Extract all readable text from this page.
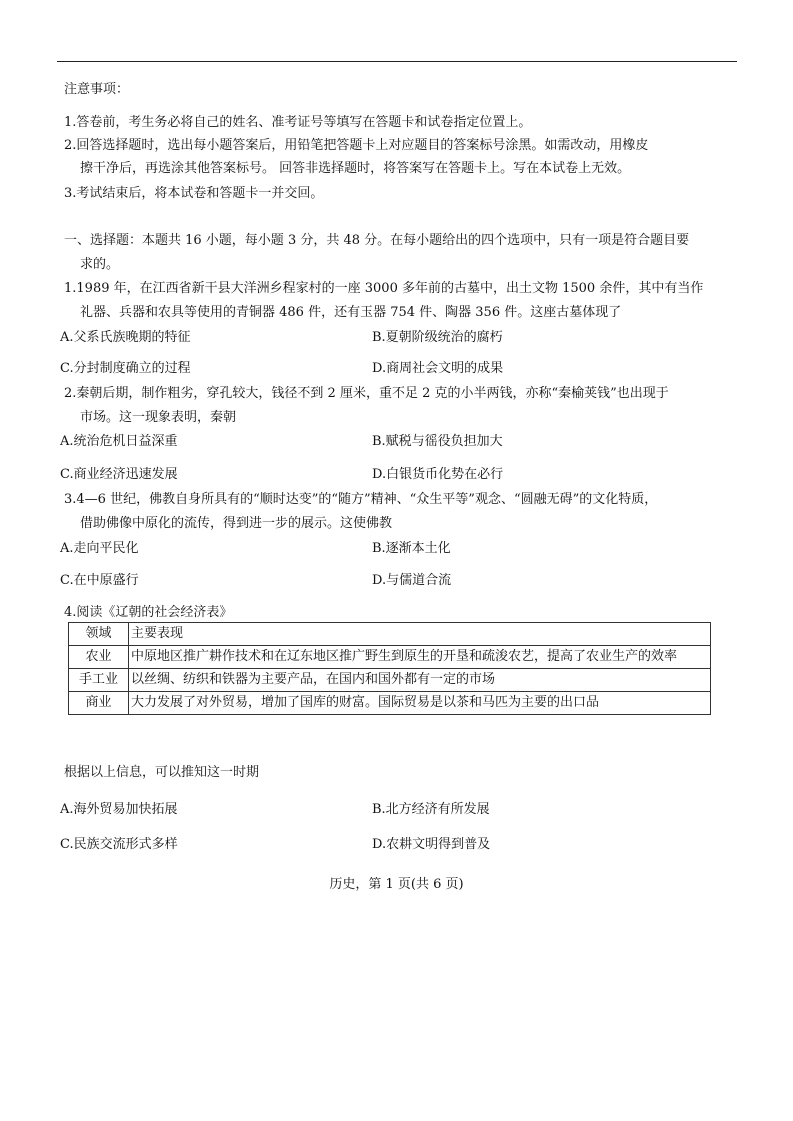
注意事项：
1.答卷前，考生务必将自己的姓名、准考证号等填写在答题卡和试卷指定位置上。
2.回答选择题时，选出每小题答案后，用铅笔把答题卡上对应题目的答案标号涂黑。如需改动，用橡皮
擦干净后，再选涂其他答案标号。 回答非选择题时，将答案写在答题卡上。写在本试卷上无效。
3.考试结束后，将本试卷和答题卡一并交回。
一、选择题：本题共 16 小题，每小题 3 分，共 48 分。在每小题给出的四个选项中，只有一项是符合题目要
求的。
1.1989 年，在江西省新干县大洋洲乡程家村的一座 3000 多年前的古墓中，出土文物 1500 余件，其中有当作
礼器、兵器和农具等使用的青铜器 486 件，还有玉器 754 件、陶器 356 件。这座古墓体现了
A.父系氏族晚期的特征	B.夏朝阶级统治的腐朽
C.分封制度确立的过程	D.商周社会文明的成果
2.秦朝后期，制作粗劣，穿孔较大，钱径不到 2 厘米，重不足 2 克的小半两钱，亦称“秦榆荚钱”也出现于
市场。这一现象表明，秦朝
A.统治危机日益深重	B.赋税与徭役负担加大
C.商业经济迅速发展	D.白银货币化势在必行
3.4—6 世纪，佛教自身所具有的“顺时达变”的“随方”精神、“众生平等”观念、“圆融无碍”的文化特质，
借助佛像中原化的流传，得到进一步的展示。这使佛教
A.走向平民化	B.逐渐本土化
C.在中原盛行	D.与儒道合流
4.阅读《辽朝的社会经济表》
领域	主要表现
农业	中原地区推广耕作技术和在辽东地区推广野生到原生的开垦和疏浚农艺，提高了农业生产的效率
手工业	以丝绸、纺织和铁器为主要产品，在国内和国外都有一定的市场
商业	大力发展了对外贸易，增加了国库的财富。国际贸易是以茶和马匹为主要的出口品
根据以上信息，可以推知这一时期
A.海外贸易加快拓展	B.北方经济有所发展
C.民族交流形式多样	D.农耕文明得到普及
历史，第 1 页(共 6 页)
